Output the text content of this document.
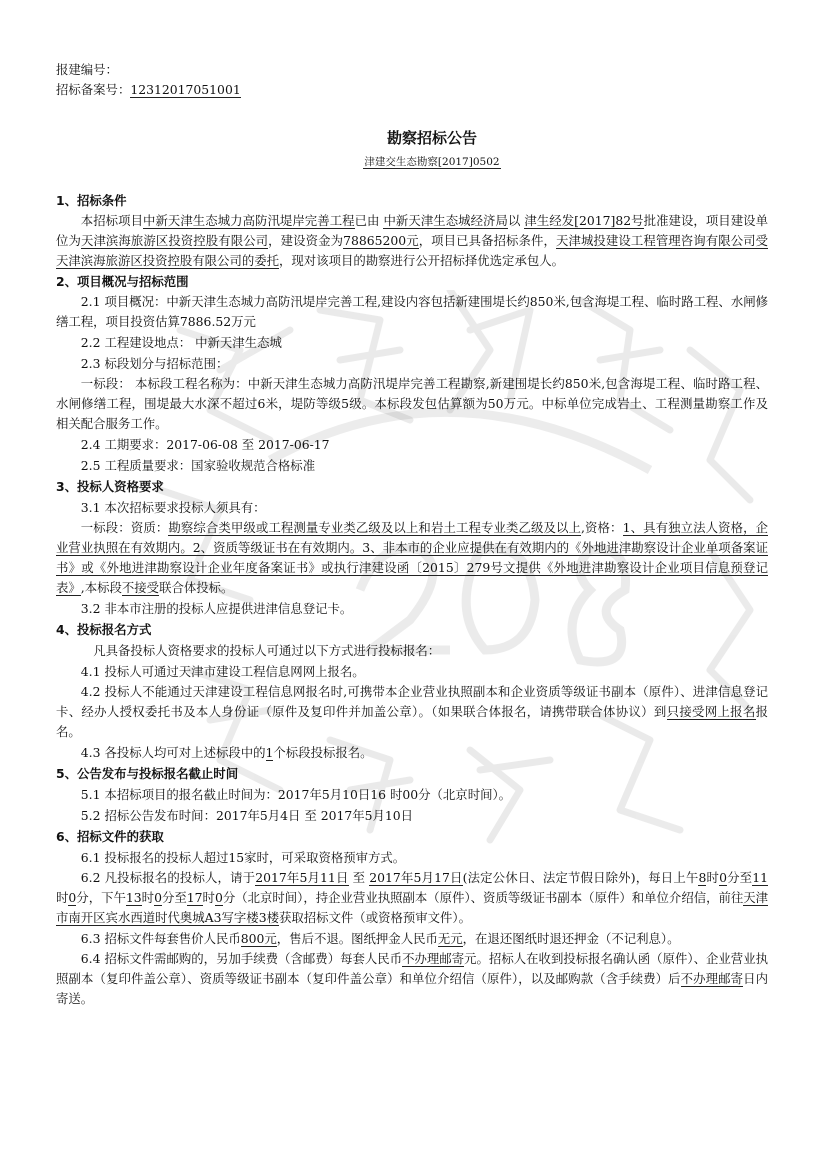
报建编号：
招标备案号：12312017051001
勘察招标公告
津建交生态勘察[2017]0502
1、招标条件
本招标项目中新天津生态城力高防汛堤岸完善工程已由 中新天津生态城经济局以 津生经发[2017]82号批准建设，项目建设单位为天津滨海旅游区投资控股有限公司，建设资金为78865200元，项目已具备招标条件，天津城投建设工程管理咨询有限公司受天津滨海旅游区投资控股有限公司的委托，现对该项目的勘察进行公开招标择优选定承包人。
2、项目概况与招标范围
2.1 项目概况：中新天津生态城力高防汛堤岸完善工程,建设内容包括新建围堤长约850米,包含海堤工程、临时路工程、水闸修缮工程，项目投资估算7886.52万元
2.2 工程建设地点： 中新天津生态城
2.3 标段划分与招标范围：
一标段： 本标段工程名称为：中新天津生态城力高防汛堤岸完善工程勘察,新建围堤长约850米,包含海堤工程、临时路工程、水闸修缮工程，围堤最大水深不超过6米，堤防等级5级。本标段发包估算额为50万元。中标单位完成岩土、工程测量勘察工作及相关配合服务工作。
2.4 工期要求：2017-06-08 至 2017-06-17
2.5 工程质量要求：国家验收规范合格标准
3、投标人资格要求
3.1 本次招标要求投标人须具有：
一标段：资质：勘察综合类甲级或工程测量专业类乙级及以上和岩土工程专业类乙级及以上,资格：1、具有独立法人资格，企业营业执照在有效期内。2、资质等级证书在有效期内。3、非本市的企业应提供在有效期内的《外地进津勘察设计企业单项备案证书》或《外地进津勘察设计企业年度备案证书》或执行津建设函〔2015〕279号文提供《外地进津勘察设计企业项目信息预登记表》,本标段不接受联合体投标。
3.2 非本市注册的投标人应提供进津信息登记卡。
4、投标报名方式
凡具备投标人资格要求的投标人可通过以下方式进行投标报名：
4.1 投标人可通过天津市建设工程信息网网上报名。
4.2 投标人不能通过天津建设工程信息网报名时,可携带本企业营业执照副本和企业资质等级证书副本（原件）、进津信息登记卡、经办人授权委托书及本人身份证（原件及复印件并加盖公章）。（如果联合体报名，请携带联合体协议）到只接受网上报名报名。
4.3 各投标人均可对上述标段中的1个标段投标报名。
5、公告发布与投标报名截止时间
5.1 本招标项目的报名截止时间为：2017年5月10日16 时00分（北京时间）。
5.2 招标公告发布时间：2017年5月4日 至 2017年5月10日
6、招标文件的获取
6.1 投标报名的投标人超过15家时，可采取资格预审方式。
6.2 凡投标报名的投标人，请于2017年5月11日 至 2017年5月17日(法定公休日、法定节假日除外)，每日上午8时0分至11时0分，下午13时0分至17时0分（北京时间），持企业营业执照副本（原件）、资质等级证书副本（原件）和单位介绍信，前往天津市南开区宾水西道时代奥城A3写字楼3楼获取招标文件（或资格预审文件）。
6.3 招标文件每套售价人民币800元，售后不退。图纸押金人民币无元，在退还图纸时退还押金（不记利息）。
6.4 招标文件需邮购的，另加手续费（含邮费）每套人民币不办理邮寄元。招标人在收到投标报名确认函（原件）、企业营业执照副本（复印件盖公章）、资质等级证书副本（复印件盖公章）和单位介绍信（原件），以及邮购款（含手续费）后不办理邮寄日内寄送。
